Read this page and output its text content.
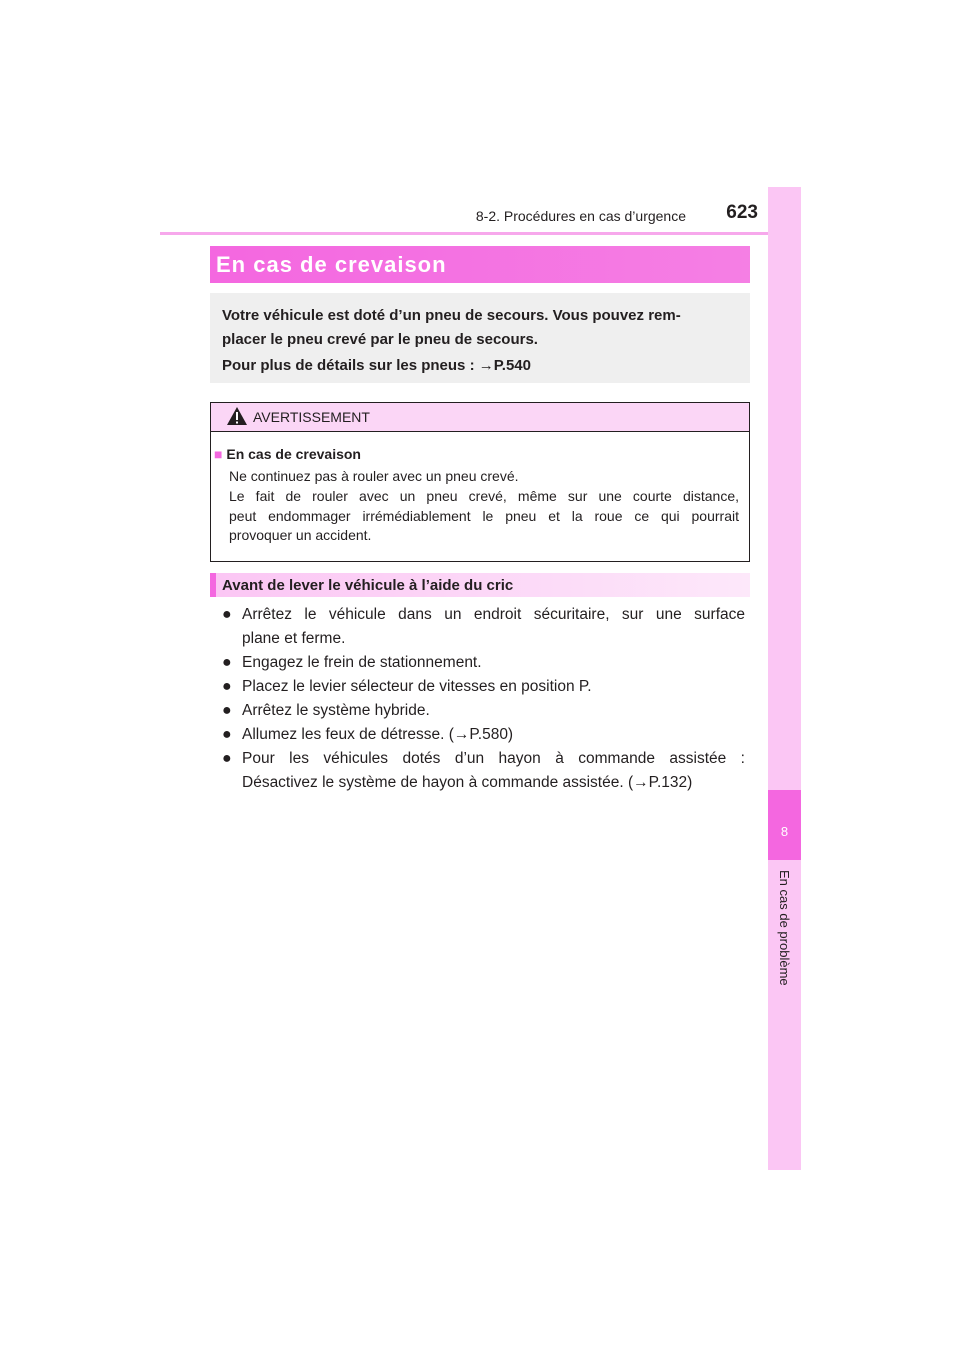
8-2. Procédures en cas d’urgence	623
8
En cas de problème
En cas de crevaison
Votre véhicule est doté d’un pneu de secours. Vous pouvez rem-
placer le pneu crevé par le pneu de secours.
Pour plus de détails sur les pneus : →P.540
AVERTISSEMENT
■ En cas de crevaison
Ne continuez pas à rouler avec un pneu crevé.
Le fait de rouler avec un pneu crevé, même sur une courte distance,
peut endommager irrémédiablement le pneu et la roue ce qui pourrait
provoquer un accident.
Avant de lever le véhicule à l’aide du cric
● Arrêtez le véhicule dans un endroit sécuritaire, sur une surface
plane et ferme.
● Engagez le frein de stationnement.
● Placez le levier sélecteur de vitesses en position P.
● Arrêtez le système hybride.
● Allumez les feux de détresse. (→P.580)
● Pour les véhicules dotés d’un hayon à commande assistée :
Désactivez le système de hayon à commande assistée. (→P.132)
